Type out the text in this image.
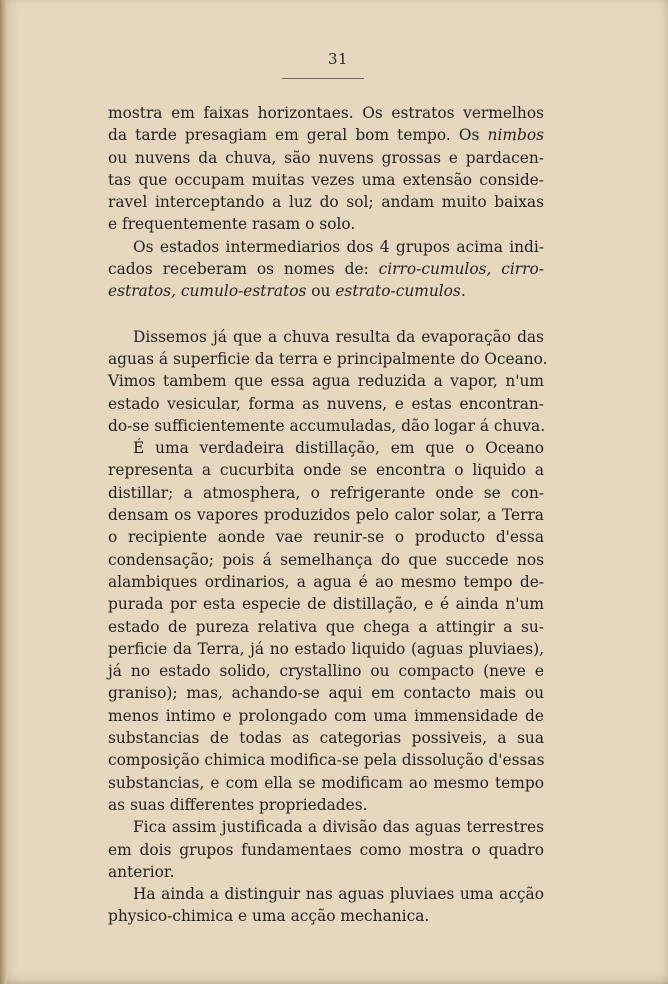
31
mostra em faixas horizontaes. Os estratos vermelhos
da tarde presagiam em geral bom tempo. Os nimbos
ou nuvens da chuva, são nuvens grossas e pardacen-
tas que occupam muitas vezes uma extensão conside-
ravel interceptando a luz do sol; andam muito baixas
e frequentemente rasam o solo.
Os estados intermediarios dos 4 grupos acima indi-
cados receberam os nomes de: cirro-cumulos, cirro-
estratos, cumulo-estratos ou estrato-cumulos.
Dissemos já que a chuva resulta da evaporação das
aguas á superficie da terra e principalmente do Oceano.
Vimos tambem que essa agua reduzida a vapor, n'um
estado vesicular, forma as nuvens, e estas encontran-
do-se sufficientemente accumuladas, dão logar á chuva.
É uma verdadeira distillação, em que o Oceano
representa a cucurbita onde se encontra o liquido a
distillar; a atmosphera, o refrigerante onde se con-
densam os vapores produzidos pelo calor solar, a Terra
o recipiente aonde vae reunir-se o producto d'essa
condensação; pois á semelhança do que succede nos
alambiques ordinarios, a agua é ao mesmo tempo de-
purada por esta especie de distillação, e é ainda n'um
estado de pureza relativa que chega a attingir a su-
perficie da Terra, já no estado liquido (aguas pluviaes),
já no estado solido, crystallino ou compacto (neve e
graniso); mas, achando-se aqui em contacto mais ou
menos intimo e prolongado com uma immensidade de
substancias de todas as categorias possiveis, a sua
composição chimica modifica-se pela dissolução d'essas
substancias, e com ella se modificam ao mesmo tempo
as suas differentes propriedades.
Fica assim justificada a divisão das aguas terrestres
em dois grupos fundamentaes como mostra o quadro
anterior.
Ha ainda a distinguir nas aguas pluviaes uma acção
physico-chimica e uma acção mechanica.
